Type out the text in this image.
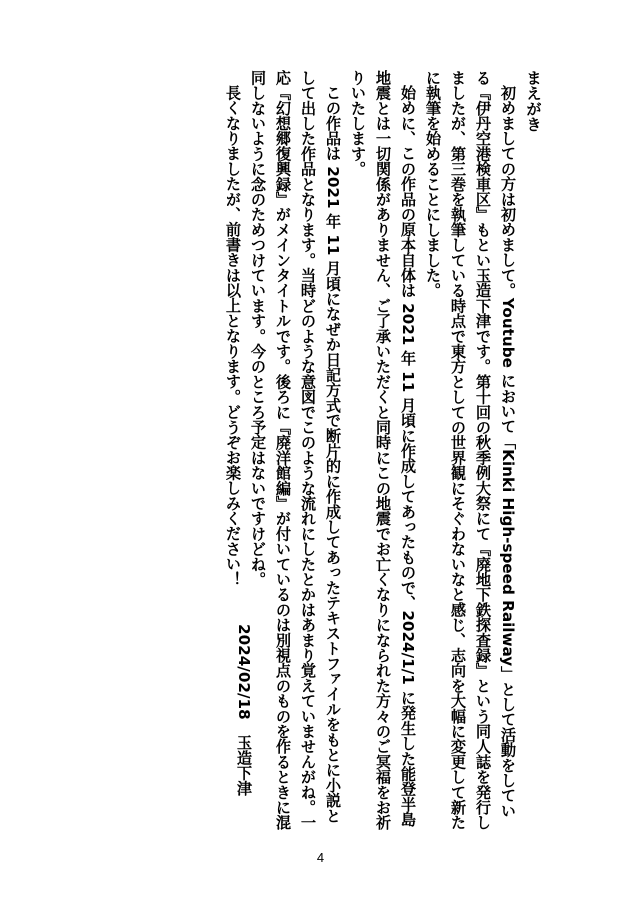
まえがき
初めましての方は初めまして。Youtube において「Kinki High-speed Railway」として活動をしている『伊丹空港検車区』もとい玉造下津です。第十回の秋季例大祭にて『廃地下鉄探査録』という同人誌を発行しましたが、第三巻を執筆している時点で東方としての世界観にそぐわないなと感じ、志向を大幅に変更して新たに執筆を始めることにしました。
始めに、この作品の原本自体は 2021 年 11 月頃に作成してあったもので、2024/1/1 に発生した能登半島地震とは一切関係がありません、ご了承いただくと同時にこの地震でお亡くなりになられた方々のご冥福をお祈りいたします。
この作品は 2021 年 11 月頃になぜか日記方式で断片的に作成してあったテキストファイルをもとに小説として出した作品となります。当時どのような意図でこのような流れにしたとかはあまり覚えていませんがね。一応『幻想郷復興録』がメインタイトルです。後ろに『廃洋館編』が付いているのは別視点のものを作るときに混同しないように念のためつけています。今のところ予定はないですけどね。
長くなりましたが、前書きは以上となります。どうぞお楽しみください！
2024/02/18　玉造下津
4
